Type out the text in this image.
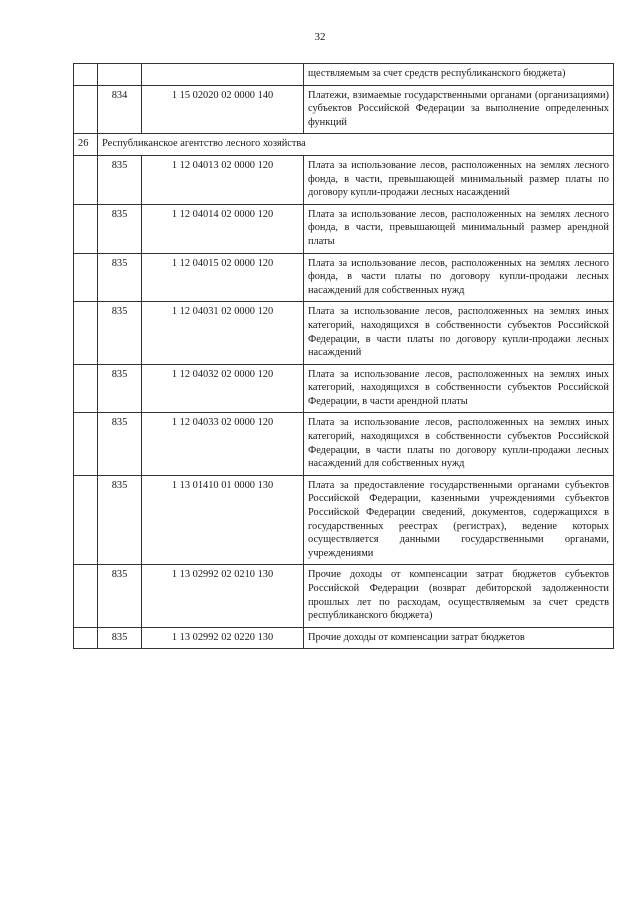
32
			ществляемым за счет средств республиканского бюджета)
	834	1 15 02020 02 0000 140	Платежи, взимаемые государственными органами (организациями) субъектов Российской Федерации за выполнение определенных функций
26	Республиканское агентство лесного хозяйства		
	835	1 12 04013 02 0000 120	Плата за использование лесов, расположенных на землях лесного фонда, в части, превышающей минимальный размер платы по договору купли-продажи лесных насаждений
	835	1 12 04014 02 0000 120	Плата за использование лесов, расположенных на землях лесного фонда, в части, превышающей минимальный размер арендной платы
	835	1 12 04015 02 0000 120	Плата за использование лесов, расположенных на землях лесного фонда, в части платы по договору купли-продажи лесных насаждений для собственных нужд
	835	1 12 04031 02 0000 120	Плата за использование лесов, расположенных на землях иных категорий, находящихся в собственности субъектов Российской Федерации, в части платы по договору купли-продажи лесных насаждений
	835	1 12 04032 02 0000 120	Плата за использование лесов, расположенных на землях иных категорий, находящихся в собственности субъектов Российской Федерации, в части арендной платы
	835	1 12 04033 02 0000 120	Плата за использование лесов, расположенных на землях иных категорий, находящихся в собственности субъектов Российской Федерации, в части платы по договору купли-продажи лесных насаждений для собственных нужд
	835	1 13 01410 01 0000 130	Плата за предоставление государственными органами субъектов Российской Федерации, казенными учреждениями субъектов Российской Федерации сведений, документов, содержащихся в государственных реестрах (регистрах), ведение которых осуществляется данными государственными органами, учреждениями
	835	1 13 02992 02 0210 130	Прочие доходы от компенсации затрат бюджетов субъектов Российской Федерации (возврат дебиторской задолженности прошлых лет по расходам, осуществляемым за счет средств республиканского бюджета)
	835	1 13 02992 02 0220 130	Прочие доходы от компенсации затрат бюджетов
